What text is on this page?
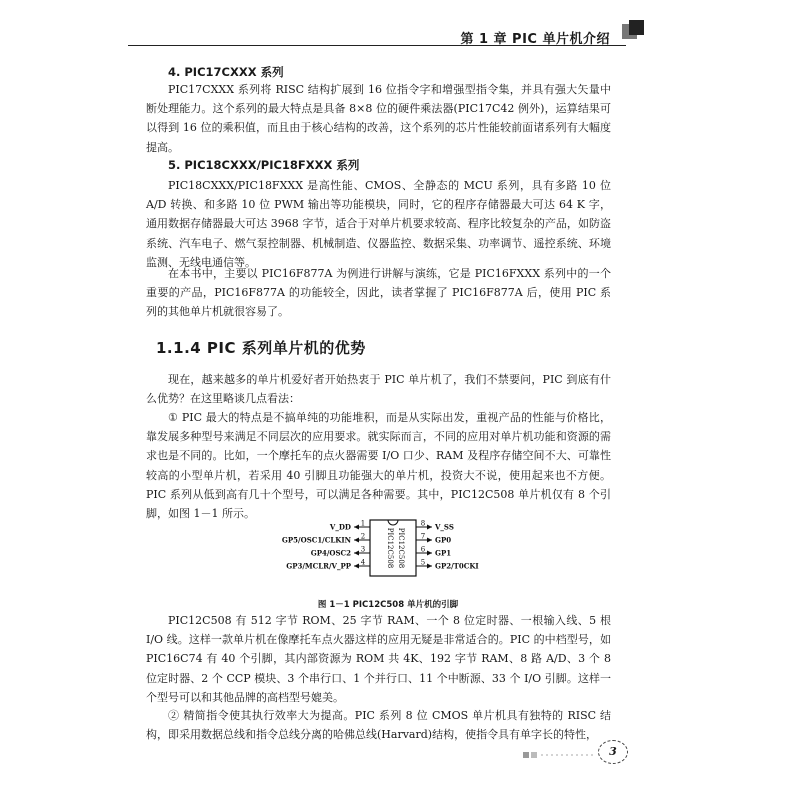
第 1 章 PIC 单片机介绍
4. PIC17CXXX 系列
PIC17CXXX 系列将 RISC 结构扩展到 16 位指令字和增强型指令集，并具有强大矢量中断处理能力。这个系列的最大特点是具备 8×8 位的硬件乘法器(PIC17C42 例外)，运算结果可以得到 16 位的乘积值，而且由于核心结构的改善，这个系列的芯片性能较前面诸系列有大幅度提高。
5. PIC18CXXX/PIC18FXXX 系列
PIC18CXXX/PIC18FXXX 是高性能、CMOS、全静态的 MCU 系列，具有多路 10 位 A/D 转换、和多路 10 位 PWM 输出等功能模块，同时，它的程序存储器最大可达 64 K 字，通用数据存储器最大可达 3968 字节，适合于对单片机要求较高、程序比较复杂的产品，如防盗系统、汽车电子、燃气泵控制器、机械制造、仪器监控、数据采集、功率调节、遥控系统、环境监测、无线电通信等。
在本书中，主要以 PIC16F877A 为例进行讲解与演练，它是 PIC16FXXX 系列中的一个重要的产品，PIC16F877A 的功能较全，因此，读者掌握了 PIC16F877A 后，使用 PIC 系列的其他单片机就很容易了。
1.1.4 PIC 系列单片机的优势
现在，越来越多的单片机爱好者开始热衷于 PIC 单片机了，我们不禁要问，PIC 到底有什么优势？在这里略谈几点看法：
① PIC 最大的特点是不搞单纯的功能堆积，而是从实际出发，重视产品的性能与价格比，靠发展多种型号来满足不同层次的应用要求。就实际而言，不同的应用对单片机功能和资源的需求也是不同的。比如，一个摩托车的点火器需要 I/O 口少、RAM 及程序存储空间不大、可靠性较高的小型单片机，若采用 40 引脚且功能强大的单片机，投资大不说，使用起来也不方便。PIC 系列从低到高有几十个型号，可以满足各种需要。其中，PIC12C508 单片机仅有 8 个引脚，如图 1－1 所示。
PIC12C508 PIC12C508
V_DD 1
GP5/OSC1/CLKIN 2
GP4/OSC2 3
GP3/MCLR/V_PP 4
V_SS
8
GP0
7
GP1
6
GP2/T0CKI
5
图 1－1 PIC12C508 单片机的引脚
PIC12C508 有 512 字节 ROM、25 字节 RAM、一个 8 位定时器、一根输入线、5 根 I/O 线。这样一款单片机在像摩托车点火器这样的应用无疑是非常适合的。PIC 的中档型号，如 PIC16C74 有 40 个引脚，其内部资源为 ROM 共 4K、192 字节 RAM、8 路 A/D、3 个 8 位定时器、2 个 CCP 模块、3 个串行口、1 个并行口、11 个中断源、33 个 I/O 引脚。这样一个型号可以和其他品牌的高档型号媲美。
② 精简指令使其执行效率大为提高。PIC 系列 8 位 CMOS 单片机具有独特的 RISC 结构，即采用数据总线和指令总线分离的哈佛总线(Harvard)结构，使指令具有单字长的特性，
3
